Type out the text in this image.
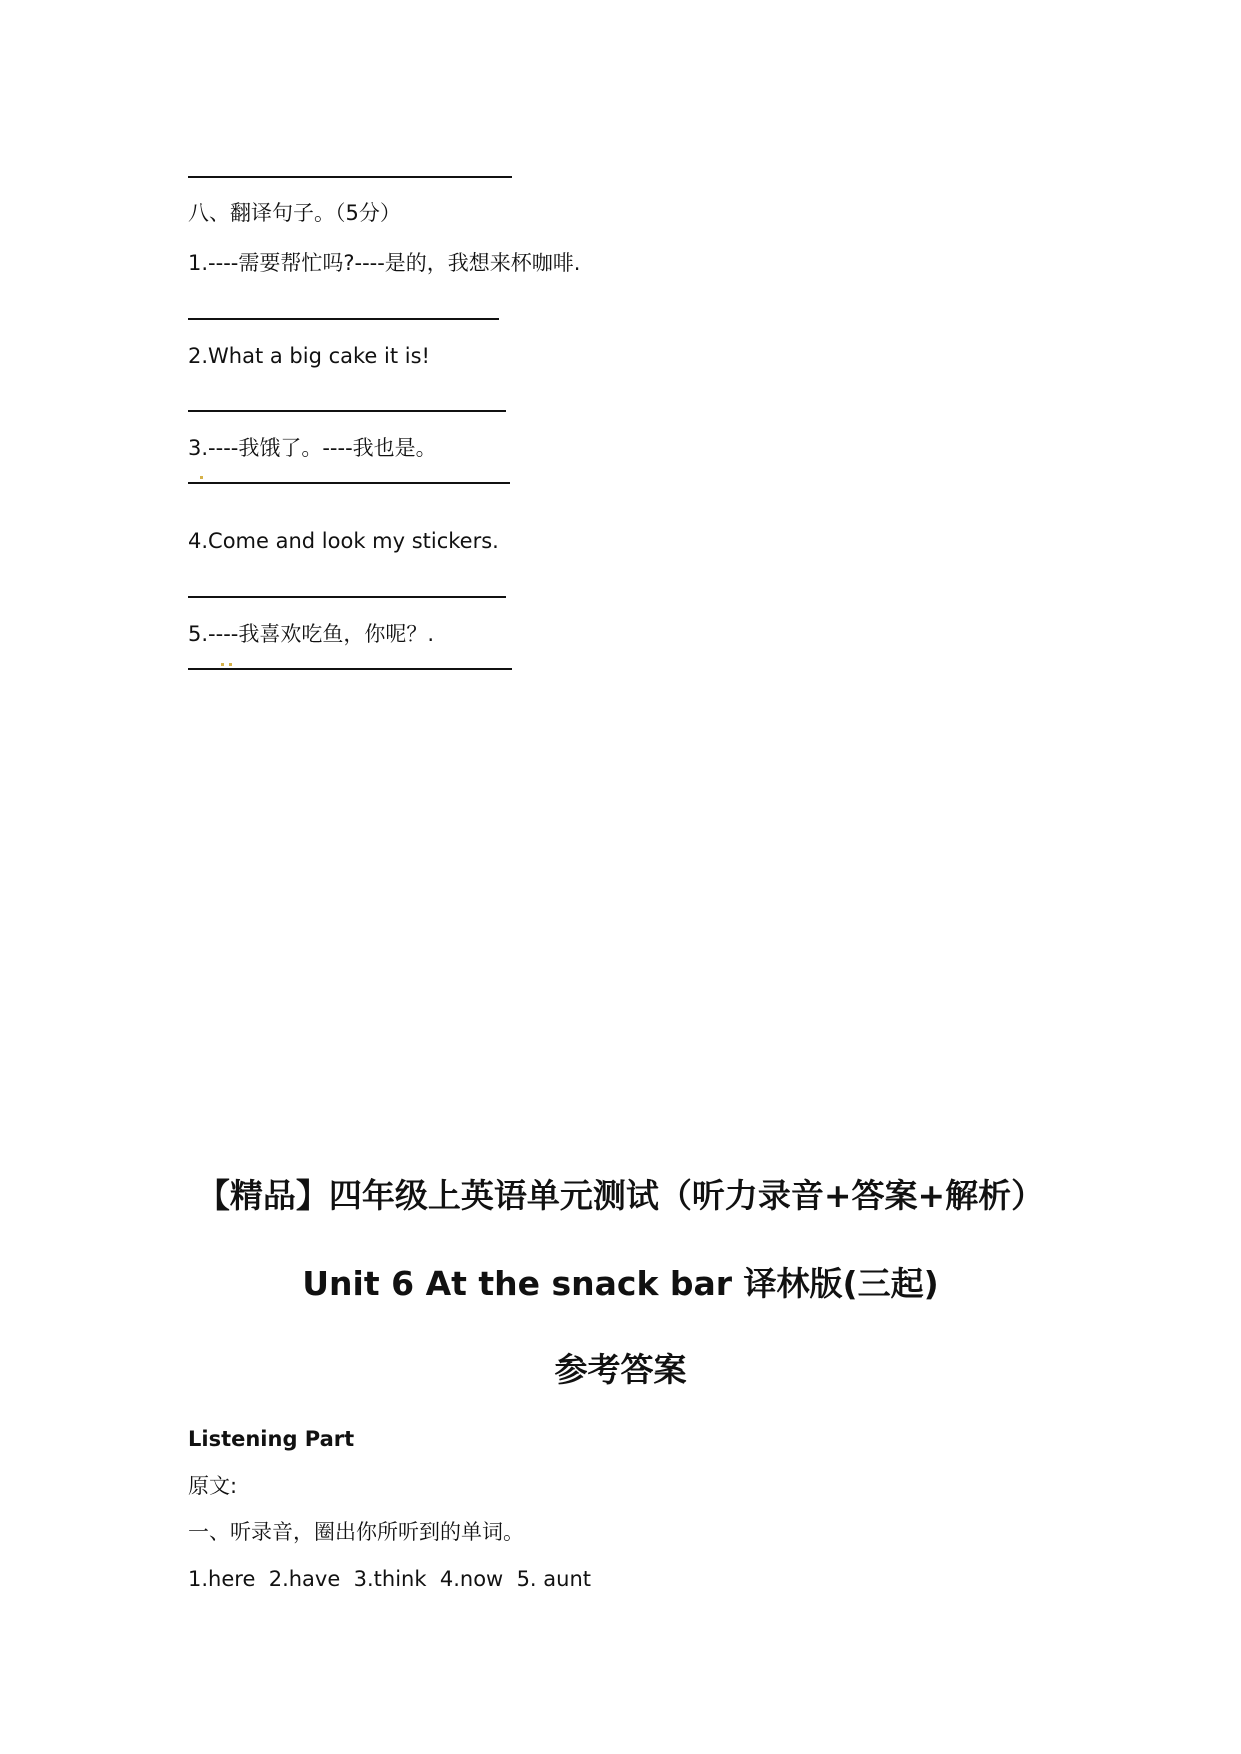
八、翻译句子。（5分）
1.----需要帮忙吗?----是的，我想来杯咖啡.
2.What a big cake it is!
3.----我饿了。----我也是。
4.Come and look my stickers.
5.----我喜欢吃鱼，你呢？.
【精品】四年级上英语单元测试（听力录音+答案+解析）
Unit 6 At the snack bar 译林版(三起)
参考答案
Listening Part
原文:
一、听录音，圈出你所听到的单词。
1.here  2.have  3.think  4.now  5. aunt
